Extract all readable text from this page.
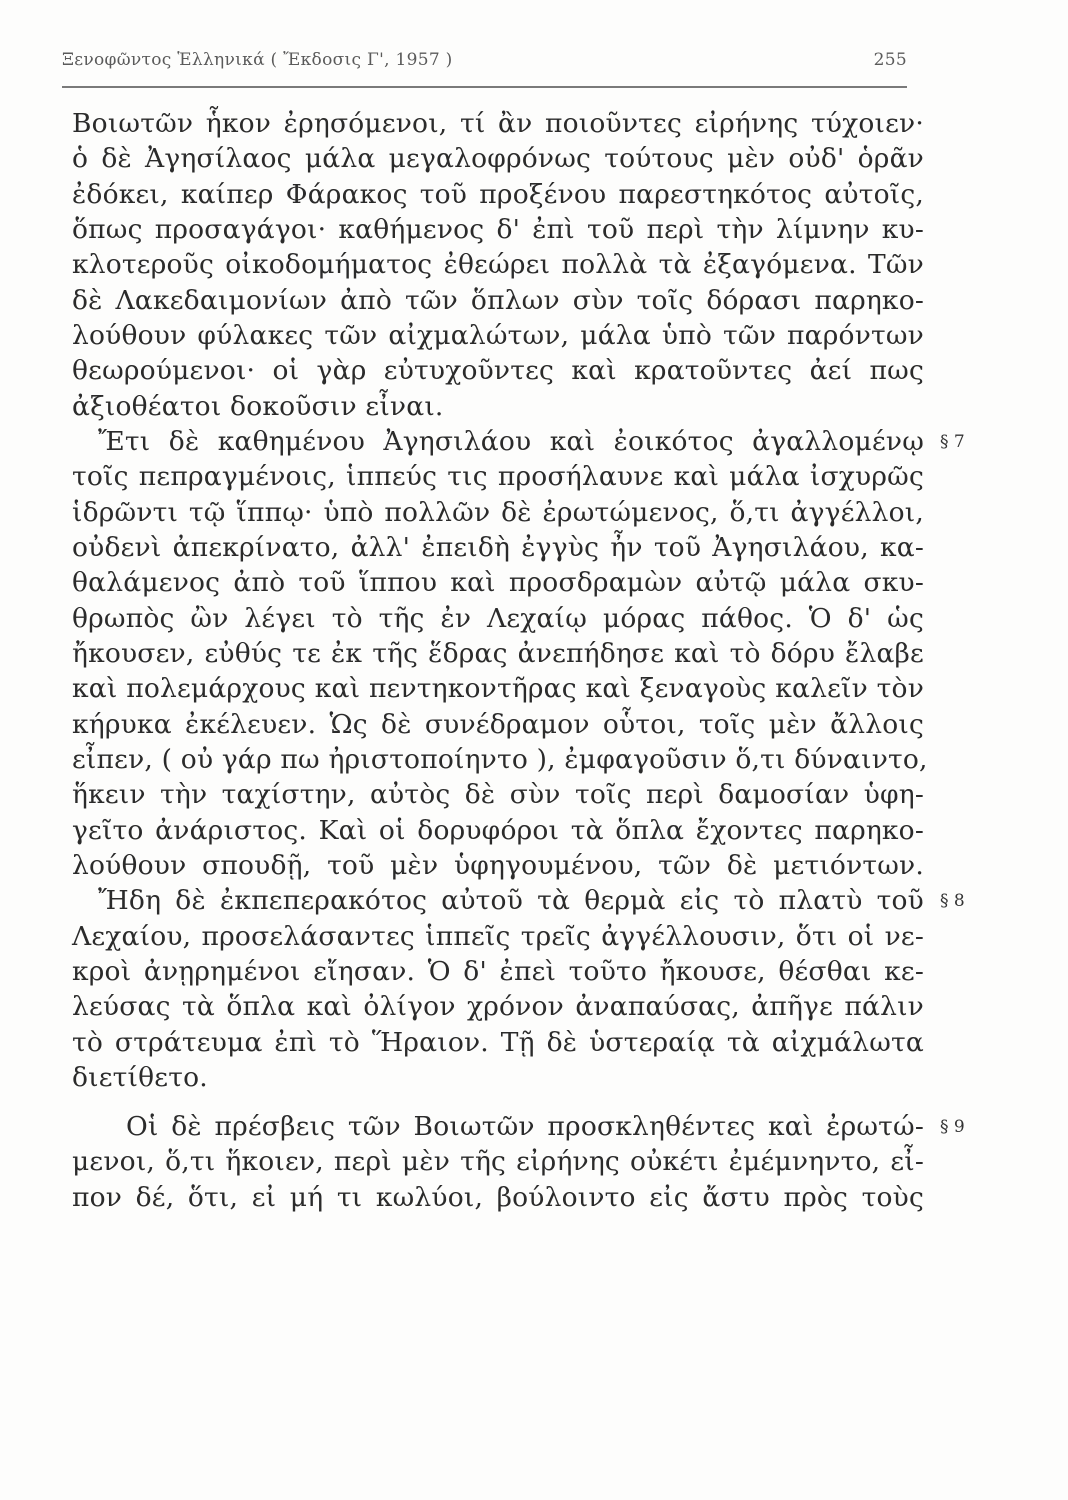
Ξενοφῶντος Ἑλληνικά ( Ἔκδοσις Γ', 1957 )	255
Βοιωτῶν ἧκον ἐρησόμενοι, τί ἂν ποιοῦντες εἰρήνης τύχοιεν·
ὁ δὲ Ἀγησίλαος μάλα μεγαλοφρόνως τούτους μὲν οὐδ' ὁρᾶν
ἐδόκει, καίπερ Φάρακος τοῦ προξένου παρεστηκότος αὐτοῖς,
ὅπως προσαγάγοι· καθήμενος δ' ἐπὶ τοῦ περὶ τὴν λίμνην κυ-
κλοτεροῦς οἰκοδομήματος ἐθεώρει πολλὰ τὰ ἐξαγόμενα. Τῶν
δὲ Λακεδαιμονίων ἀπὸ τῶν ὅπλων σὺν τοῖς δόρασι παρηκο-
λούθουν φύλακες τῶν αἰχμαλώτων, μάλα ὑπὸ τῶν παρόντων
θεωρούμενοι· οἱ γὰρ εὐτυχοῦντες καὶ κρατοῦντες ἀεί πως
ἀξιοθέατοι δοκοῦσιν εἶναι.
Ἔτι δὲ καθημένου Ἀγησιλάου καὶ ἐοικότος ἀγαλλομένῳ
τοῖς πεπραγμένοις, ἱππεύς τις προσήλαυνε καὶ μάλα ἰσχυρῶς
ἱδρῶντι τῷ ἵππῳ· ὑπὸ πολλῶν δὲ ἐρωτώμενος, ὅ,τι ἀγγέλλοι,
οὐδενὶ ἀπεκρίνατο, ἀλλ' ἐπειδὴ ἐγγὺς ἦν τοῦ Ἀγησιλάου, κα-
θαλάμενος ἀπὸ τοῦ ἵππου καὶ προσδραμὼν αὐτῷ μάλα σκυ-
θρωπὸς ὢν λέγει τὸ τῆς ἐν Λεχαίῳ μόρας πάθος. Ὁ δ' ὡς
ἤκουσεν, εὐθύς τε ἐκ τῆς ἕδρας ἀνεπήδησε καὶ τὸ δόρυ ἔλαβε
καὶ πολεμάρχους καὶ πεντηκοντῆρας καὶ ξεναγοὺς καλεῖν τὸν
κήρυκα ἐκέλευεν. Ὡς δὲ συνέδραμον οὗτοι, τοῖς μὲν ἄλλοις
εἶπεν, ( οὐ γάρ πω ἠριστοποίηντο ), ἐμφαγοῦσιν ὅ,τι δύναιντο,
ἥκειν τὴν ταχίστην, αὐτὸς δὲ σὺν τοῖς περὶ δαμοσίαν ὑφη-
γεῖτο ἀνάριστος. Καὶ οἱ δορυφόροι τὰ ὅπλα ἔχοντες παρηκο-
λούθουν σπουδῇ, τοῦ μὲν ὑφηγουμένου, τῶν δὲ μετιόντων.
Ἤδη δὲ ἐκπεπερακότος αὐτοῦ τὰ θερμὰ εἰς τὸ πλατὺ τοῦ
Λεχαίου, προσελάσαντες ἱππεῖς τρεῖς ἀγγέλλουσιν, ὅτι οἱ νε-
κροὶ ἀνῃρημένοι εἴησαν. Ὁ δ' ἐπεὶ τοῦτο ἤκουσε, θέσθαι κε-
λεύσας τὰ ὅπλα καὶ ὀλίγον χρόνον ἀναπαύσας, ἀπῆγε πάλιν
τὸ στράτευμα ἐπὶ τὸ Ἥραιον. Τῇ δὲ ὑστεραίᾳ τὰ αἰχμάλωτα
διετίθετο.
Οἱ δὲ πρέσβεις τῶν Βοιωτῶν προσκληθέντες καὶ ἐρωτώ-
μενοι, ὅ,τι ἥκοιεν, περὶ μὲν τῆς εἰρήνης οὐκέτι ἐμέμνηντο, εἶ-
πον δέ, ὅτι, εἰ μή τι κωλύοι, βούλοιντο εἰς ἄστυ πρὸς τοὺς
§ 7
§ 8
§ 9
